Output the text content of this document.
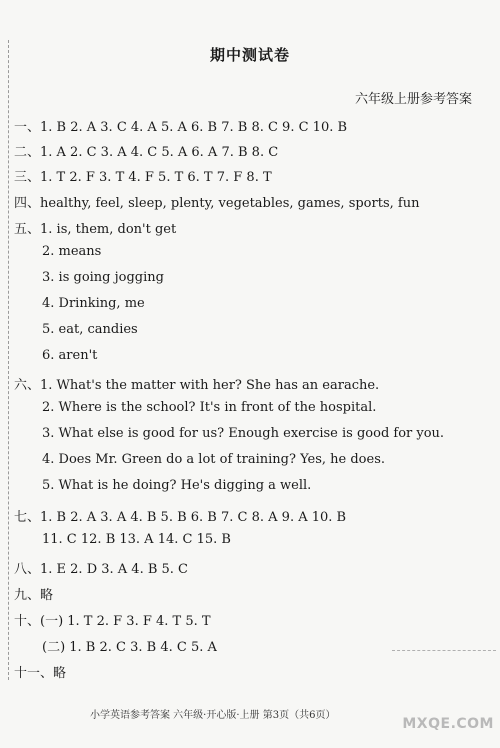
期中测试卷
六年级上册参考答案
一、1. B 2. A 3. C 4. A 5. A 6. B 7. B 8. C 9. C 10. B
二、1. A 2. C 3. A 4. C 5. A 6. A 7. B 8. C
三、1. T 2. F 3. T 4. F 5. T 6. T 7. F 8. T
四、healthy, feel, sleep, plenty, vegetables, games, sports, fun
五、1. is, them, don't get
2. means
3. is going jogging
4. Drinking, me
5. eat, candies
6. aren't
六、1. What's the matter with her? She has an earache.
2. Where is the school? It's in front of the hospital.
3. What else is good for us? Enough exercise is good for you.
4. Does Mr. Green do a lot of training? Yes, he does.
5. What is he doing? He's digging a well.
七、1. B 2. A 3. A 4. B 5. B 6. B 7. C 8. A 9. A 10. B
11. C 12. B 13. A 14. C 15. B
八、1. E 2. D 3. A 4. B 5. C
九、略
十、(一) 1. T 2. F 3. F 4. T 5. T
(二) 1. B 2. C 3. B 4. C 5. A
十一、略
小学英语参考答案 六年级·开心版·上册 第3页（共6页）
MXQE.COM
